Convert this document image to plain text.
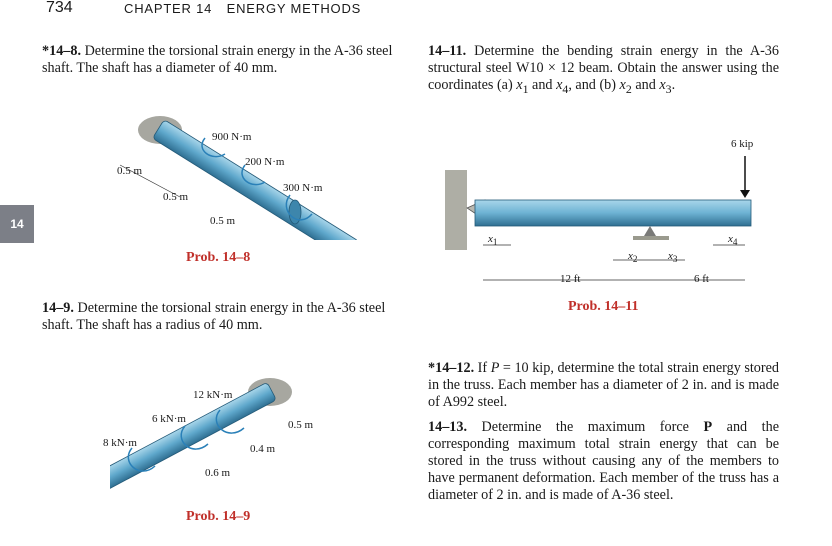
734	CHAPTER 14 ENERGY METHODS
14
*14–8. Determine the torsional strain energy in the A-36 steel shaft. The shaft has a diameter of 40 mm.
14–9. Determine the torsional strain energy in the A-36 steel shaft. The shaft has a radius of 40 mm.
14–11. Determine the bending strain energy in the A-36 structural steel W10 × 12 beam. Obtain the answer using the coordinates (a) $x_1$ and $x_4$, and (b) $x_2$ and $x_3$.
*14–12. If P = 10 kip, determine the total strain energy stored in the truss. Each member has a diameter of 2 in. and is made of A992 steel.
14–13. Determine the maximum force P and the corresponding maximum total strain energy that can be stored in the truss without causing any of the members to have permanent deformation. Each member of the truss has a diameter of 2 in. and is made of A-36 steel.
900 N·m
200 N·m
300 N·m
0.5 m
0.5 m
0.5 m
Prob. 14–8
12 kN·m
6 kN·m
8 kN·m
0.5 m
0.4 m
0.6 m
Prob. 14–9
6 kip
12 ft	6 ft
$x_1$
$x_2$	$x_3$
$x_4$
Prob. 14–11
